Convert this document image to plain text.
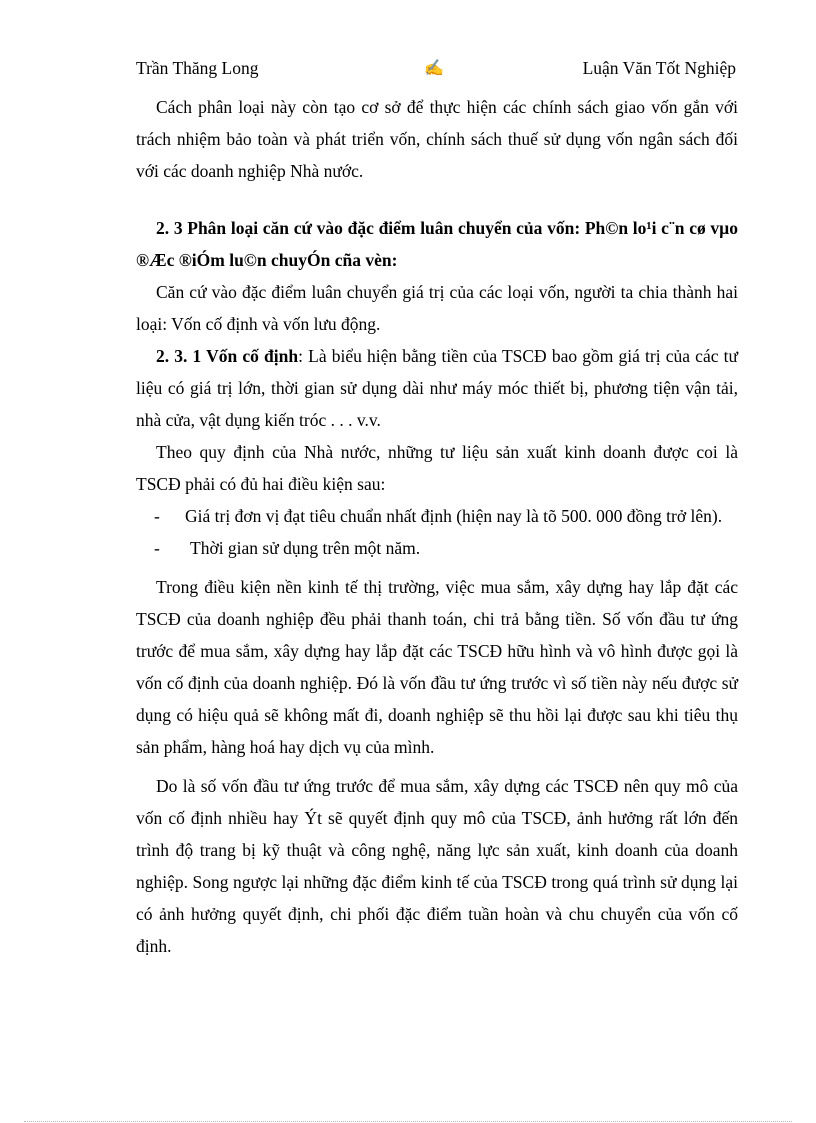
Trần Thăng Long	✍	Luận Văn Tốt Nghiệp

Cách phân loại này còn tạo cơ sở để thực hiện các chính sách giao vốn gắn với trách nhiệm bảo toàn và phát triển vốn, chính sách thuế sử dụng vốn ngân sách đối với các doanh nghiệp Nhà nước.

2. 3 Phân loại căn cứ vào đặc điểm luân chuyển của vốn: Ph©n lo¹i c¨n cø vµo ®Æc ®iÓm lu©n chuyÓn cña vèn:

Căn cứ vào đặc điểm luân chuyển giá trị của các loại vốn, người ta chia thành hai loại: Vốn cố định và vốn lưu động.

2. 3. 1 Vốn cố định: Là biểu hiện bằng tiền của TSCĐ bao gồm giá trị của các tư liệu có giá trị lớn, thời gian sử dụng dài như máy móc thiết bị, phương tiện vận tải, nhà cửa, vật dụng kiến tróc . . . v.v.

Theo quy định của Nhà nước, những tư liệu sản xuất kinh doanh được coi là TSCĐ phải có đủ hai điều kiện sau:

- Giá trị đơn vị đạt tiêu chuẩn nhất định (hiện nay là tõ 500. 000 đồng trở lên).

- Thời gian sử dụng trên một năm.

Trong điều kiện nền kinh tế thị trường, việc mua sắm, xây dựng hay lắp đặt các TSCĐ của doanh nghiệp đều phải thanh toán, chi trả bằng tiền. Số vốn đầu tư ứng trước để mua sắm, xây dựng hay lắp đặt các TSCĐ hữu hình và vô hình được gọi là vốn cố định của doanh nghiệp. Đó là vốn đầu tư ứng trước vì số tiền này nếu được sử dụng có hiệu quả sẽ không mất đi, doanh nghiệp sẽ thu hồi lại được sau khi tiêu thụ sản phẩm, hàng hoá hay dịch vụ của mình.

Do là số vốn đầu tư ứng trước để mua sắm, xây dựng các TSCĐ nên quy mô của vốn cố định nhiều hay Ýt sẽ quyết định quy mô của TSCĐ, ảnh hưởng rất lớn đến trình độ trang bị kỹ thuật và công nghệ, năng lực sản xuất, kinh doanh của doanh nghiệp. Song ngược lại những đặc điểm kinh tế của TSCĐ trong quá trình sử dụng lại có ảnh hưởng quyết định, chi phối đặc điểm tuần hoàn và chu chuyển của vốn cố định.
